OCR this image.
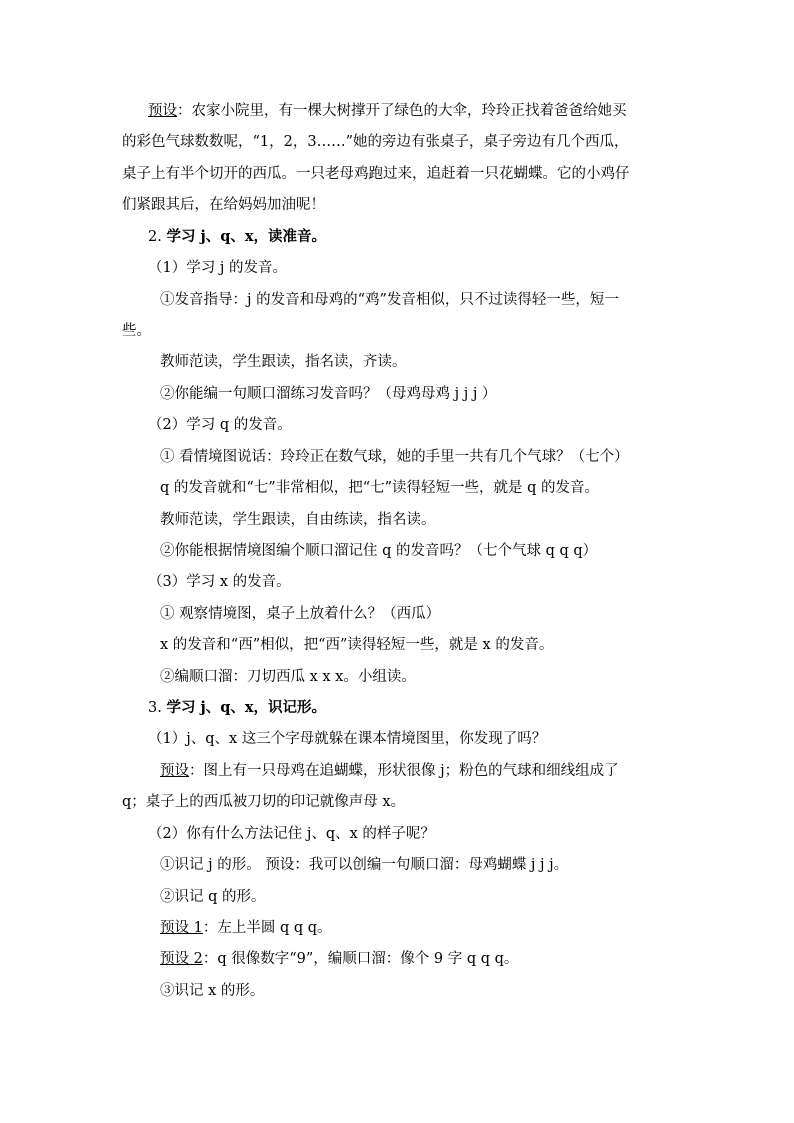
预设：农家小院里，有一棵大树撑开了绿色的大伞，玲玲正找着爸爸给她买
的彩色气球数数呢，“1，2，3……”她的旁边有张桌子，桌子旁边有几个西瓜，
桌子上有半个切开的西瓜。一只老母鸡跑过来，追赶着一只花蝴蝶。它的小鸡仔
们紧跟其后，在给妈妈加油呢！
2. 学习 j、q、x，读准音。
（1）学习 j 的发音。
①发音指导：j 的发音和母鸡的“鸡”发音相似，只不过读得轻一些，短一
些。
教师范读，学生跟读，指名读，齐读。
②你能编一句顺口溜练习发音吗？（母鸡母鸡 j j j ）
（2）学习 q 的发音。
① 看情境图说话：玲玲正在数气球，她的手里一共有几个气球？（七个）
q 的发音就和“七”非常相似，把“七”读得轻短一些，就是 q 的发音。
教师范读，学生跟读，自由练读，指名读。
②你能根据情境图编个顺口溜记住 q 的发音吗？（七个气球 q q q）
（3）学习 x 的发音。
① 观察情境图，桌子上放着什么？（西瓜）
x 的发音和“西”相似，把“西”读得轻短一些，就是 x 的发音。
②编顺口溜：刀切西瓜 x x x。小组读。
3. 学习 j、q、x，识记形。
（1）j、q、x 这三个字母就躲在课本情境图里，你发现了吗？
预设：图上有一只母鸡在追蝴蝶，形状很像 j；粉色的气球和细线组成了
q；桌子上的西瓜被刀切的印记就像声母 x。
（2）你有什么方法记住 j、q、x 的样子呢？
①识记 j 的形。 预设：我可以创编一句顺口溜：母鸡蝴蝶 j j j。
②识记 q 的形。
预设 1：左上半圆 q q q。
预设 2：q 很像数字“9”，编顺口溜：像个 9 字 q q q。
③识记 x 的形。
